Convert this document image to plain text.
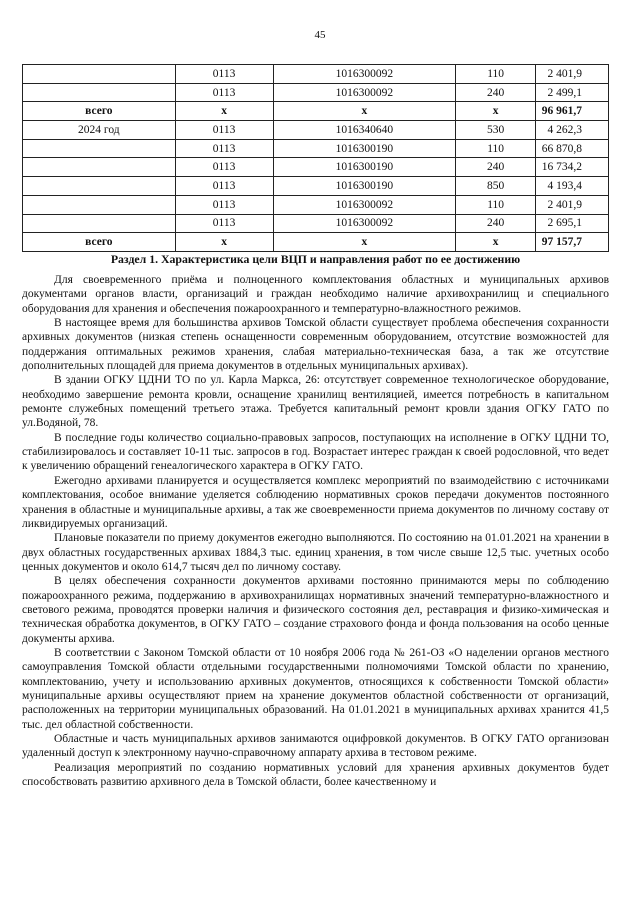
45
	0113	1016300092	110	2 401,9
	0113	1016300092	240	2 499,1
всего	х	х	х	96 961,7
2024 год	0113	1016340640	530	4 262,3
	0113	1016300190	110	66 870,8
	0113	1016300190	240	16 734,2
	0113	1016300190	850	4 193,4
	0113	1016300092	110	2 401,9
	0113	1016300092	240	2 695,1
всего	х	х	х	97 157,7
Раздел 1. Характеристика цели ВЦП и направления работ по ее достижению

Для своевременного приёма и полноценного комплектования областных и муниципальных архивов документами органов власти, организаций и граждан необходимо наличие архивохранилищ и специального оборудования для хранения и обеспечения пожароохранного и температурно-влажностного режимов.

В настоящее время для большинства архивов Томской области существует проблема обеспечения сохранности архивных документов (низкая степень оснащенности современным оборудованием, отсутствие возможностей для поддержания оптимальных режимов хранения, слабая материально-техническая база, а так же отсутствие дополнительных площадей для приема документов в отдельных муниципальных архивах).

В здании ОГКУ ЦДНИ ТО по ул. Карла Маркса, 26: отсутствует современное технологическое оборудование, необходимо завершение ремонта кровли, оснащение хранилищ вентиляцией, имеется потребность в капитальном ремонте служебных помещений третьего этажа. Требуется капитальный ремонт кровли здания ОГКУ ГАТО по ул.Водяной, 78.

В последние годы количество социально-правовых запросов, поступающих на исполнение в ОГКУ ЦДНИ ТО, стабилизировалось и составляет 10-11 тыс. запросов в год. Возрастает интерес граждан к своей родословной, что ведет к увеличению обращений генеалогического характера в ОГКУ ГАТО.

Ежегодно архивами планируется и осуществляется комплекс мероприятий по взаимодействию с источниками комплектования, особое внимание уделяется соблюдению нормативных сроков передачи документов постоянного хранения в областные и муниципальные архивы, а так же своевременности приема документов по личному составу от ликвидируемых организаций.

Плановые показатели по приему документов ежегодно выполняются. По состоянию на 01.01.2021 на хранении в двух областных государственных архивах 1884,3 тыс. единиц хранения, в том числе свыше 12,5 тыс. учетных особо ценных документов и около 614,7 тысяч дел по личному составу.

В целях обеспечения сохранности документов архивами постоянно принимаются меры по соблюдению пожароохранного режима, поддержанию в архивохранилищах нормативных значений температурно-влажностного и светового режима, проводятся проверки наличия и физического состояния дел, реставрация и физико-химическая и техническая обработка документов, в ОГКУ ГАТО – создание страхового фонда и фонда пользования на особо ценные документы архива.

В соответствии с Законом Томской области от 10 ноября 2006 года № 261-ОЗ «О наделении органов местного самоуправления Томской области отдельными государственными полномочиями Томской области по хранению, комплектованию, учету и использованию архивных документов, относящихся к собственности Томской области» муниципальные архивы осуществляют прием на хранение документов областной собственности от организаций, расположенных на территории муниципальных образований. На 01.01.2021 в муниципальных архивах хранится 41,5 тыс. дел областной собственности.

Областные и часть муниципальных архивов занимаются оцифровкой документов. В ОГКУ ГАТО организован удаленный доступ к электронному научно-справочному аппарату архива в тестовом режиме.

Реализация мероприятий по созданию нормативных условий для хранения архивных документов будет способствовать развитию архивного дела в Томской области, более качественному и
